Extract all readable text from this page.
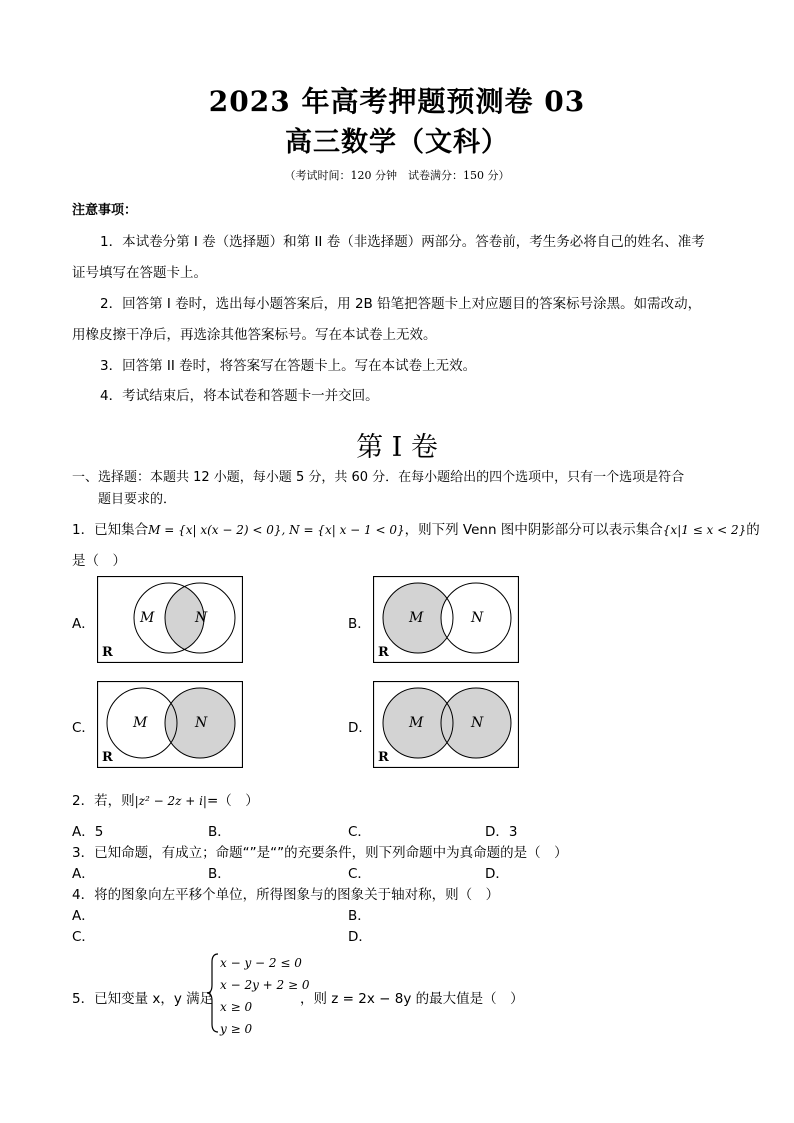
2023 年高考押题预测卷 03
高三数学（文科）
（考试时间：120 分钟　试卷满分：150 分）
注意事项：
1．本试卷分第 I 卷（选择题）和第 II 卷（非选择题）两部分。答卷前，考生务必将自己的姓名、准考
证号填写在答题卡上。
2．回答第 I 卷时，选出每小题答案后，用 2B 铅笔把答题卡上对应题目的答案标号涂黑。如需改动，
用橡皮擦干净后，再选涂其他答案标号。写在本试卷上无效。
3．回答第 II 卷时，将答案写在答题卡上。写在本试卷上无效。
4．考试结束后，将本试卷和答题卡一并交回。
第 I 卷
一、选择题：本题共 12 小题，每小题 5 分，共 60 分．在每小题给出的四个选项中，只有一个选项是符合
题目要求的．
1．已知集合M = {x| x(x − 2) < 0}, N = {x| x − 1 < 0}，则下列 Venn 图中阴影部分可以表示集合{x|1 ≤ x < 2}的
是（　）
A．	B．
C．	D．
M	N
R
M	N
R
M	N
R
M	N
R
2．若，则|z² − 2z + i|=（　）
A．5	B．	C．	D．3
3．已知命题，有成立；命题“”是“”的充要条件，则下列命题中为真命题的是（　）
A．	B．	C．	D．
4．将的图象向左平移个单位，所得图象与的图象关于轴对称，则（　）
A．	B．
C．	D．
5．已知变量 x，y 满足
x − y − 2 ≤ 0
x − 2y + 2 ≥ 0
x ≥ 0
y ≥ 0
，则 z = 2x − 8y 的最大值是（　）
